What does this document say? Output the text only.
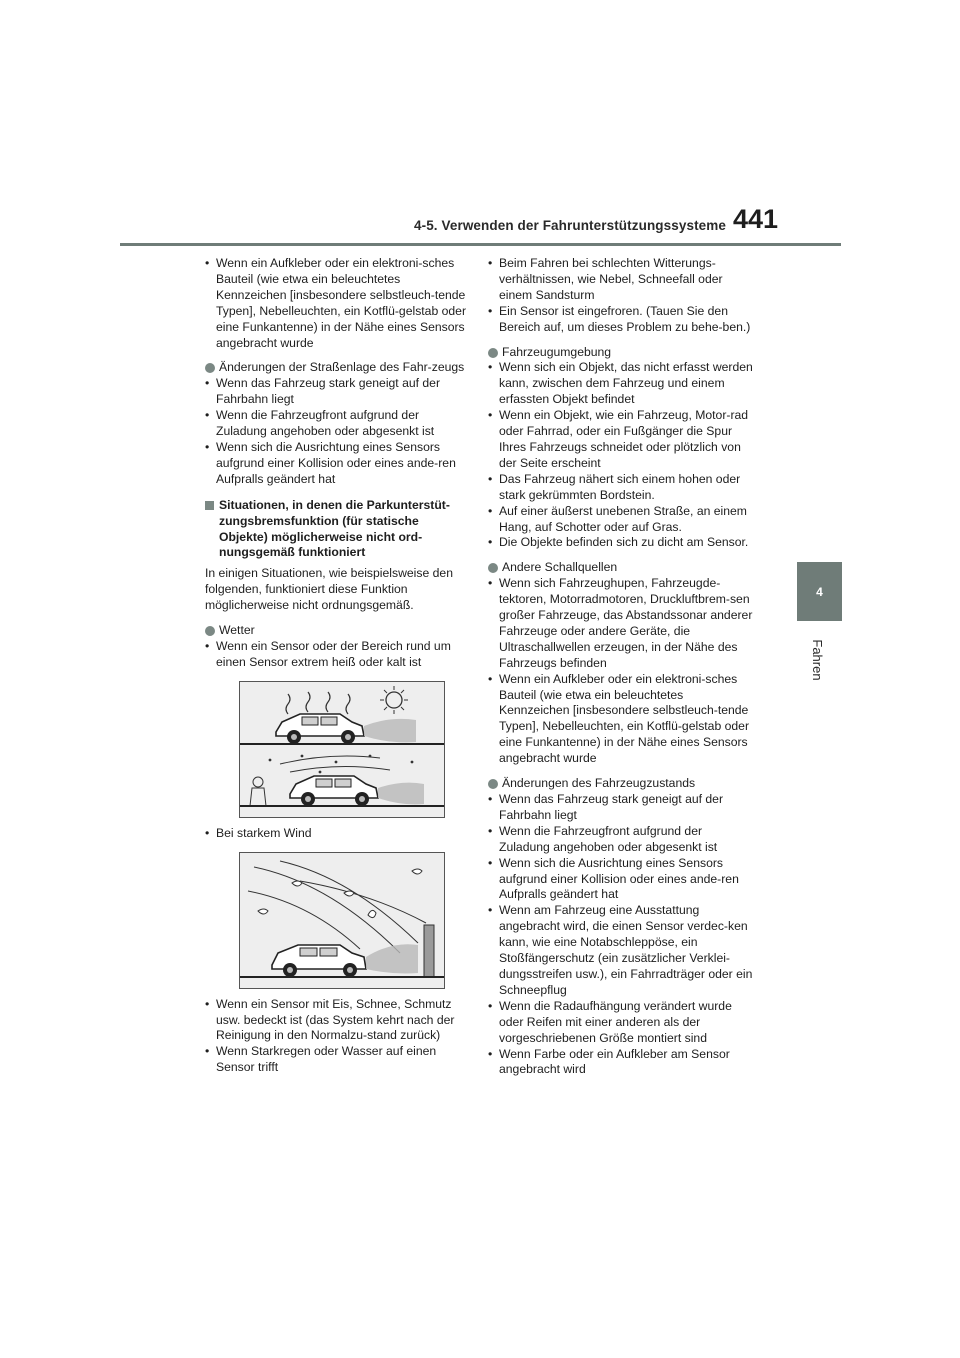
4-5. Verwenden der Fahrunterstützungssysteme 441
4
Fahren

• Wenn ein Aufkleber oder ein elektroni-sches Bauteil (wie etwa ein beleuchtetes Kennzeichen [insbesondere selbstleuch-tende Typen], Nebelleuchten, ein Kotflü-gelstab oder eine Funkantenne) in der Nähe eines Sensors angebracht wurde

Änderungen der Straßenlage des Fahr-zeugs

• Wenn das Fahrzeug stark geneigt auf der Fahrbahn liegt

• Wenn die Fahrzeugfront aufgrund der Zuladung angehoben oder abgesenkt ist

• Wenn sich die Ausrichtung eines Sensors aufgrund einer Kollision oder eines ande-ren Aufpralls geändert hat

Situationen, in denen die Parkunterstüt-zungsbremsfunktion (für statische Objekte) möglicherweise nicht ord-nungsgemäß funktioniert

In einigen Situationen, wie beispielsweise den folgenden, funktioniert diese Funktion möglicherweise nicht ordnungsgemäß.

Wetter

• Wenn ein Sensor oder der Bereich rund um einen Sensor extrem heiß oder kalt ist

• Bei starkem Wind

• Wenn ein Sensor mit Eis, Schnee, Schmutz usw. bedeckt ist (das System kehrt nach der Reinigung in den Normalzu-stand zurück)

• Wenn Starkregen oder Wasser auf einen Sensor trifft

• Beim Fahren bei schlechten Witterungs-verhältnissen, wie Nebel, Schneefall oder einem Sandsturm

• Ein Sensor ist eingefroren. (Tauen Sie den Bereich auf, um dieses Problem zu behe-ben.)

Fahrzeugumgebung

• Wenn sich ein Objekt, das nicht erfasst werden kann, zwischen dem Fahrzeug und einem erfassten Objekt befindet

• Wenn ein Objekt, wie ein Fahrzeug, Motor-rad oder Fahrrad, oder ein Fußgänger die Spur Ihres Fahrzeugs schneidet oder plötzlich von der Seite erscheint

• Das Fahrzeug nähert sich einem hohen oder stark gekrümmten Bordstein.

• Auf einer äußerst unebenen Straße, an einem Hang, auf Schotter oder auf Gras.

• Die Objekte befinden sich zu dicht am Sensor.

Andere Schallquellen

• Wenn sich Fahrzeughupen, Fahrzeugde-tektoren, Motorradmotoren, Druckluftbrem-sen großer Fahrzeuge, das Abstandssonar anderer Fahrzeuge oder andere Geräte, die Ultraschallwellen erzeugen, in der Nähe des Fahrzeugs befinden

• Wenn ein Aufkleber oder ein elektroni-sches Bauteil (wie etwa ein beleuchtetes Kennzeichen [insbesondere selbstleuch-tende Typen], Nebelleuchten, ein Kotflü-gelstab oder eine Funkantenne) in der Nähe eines Sensors angebracht wurde

Änderungen des Fahrzeugzustands

• Wenn das Fahrzeug stark geneigt auf der Fahrbahn liegt

• Wenn die Fahrzeugfront aufgrund der Zuladung angehoben oder abgesenkt ist

• Wenn sich die Ausrichtung eines Sensors aufgrund einer Kollision oder eines ande-ren Aufpralls geändert hat

• Wenn am Fahrzeug eine Ausstattung angebracht wird, die einen Sensor verdec-ken kann, wie eine Notabschleppöse, ein Stoßfängerschutz (ein zusätzlicher Verklei-dungsstreifen usw.), ein Fahrradträger oder ein Schneepflug

• Wenn die Radaufhängung verändert wurde oder Reifen mit einer anderen als der vorgeschriebenen Größe montiert sind

• Wenn Farbe oder ein Aufkleber am Sensor angebracht wird
